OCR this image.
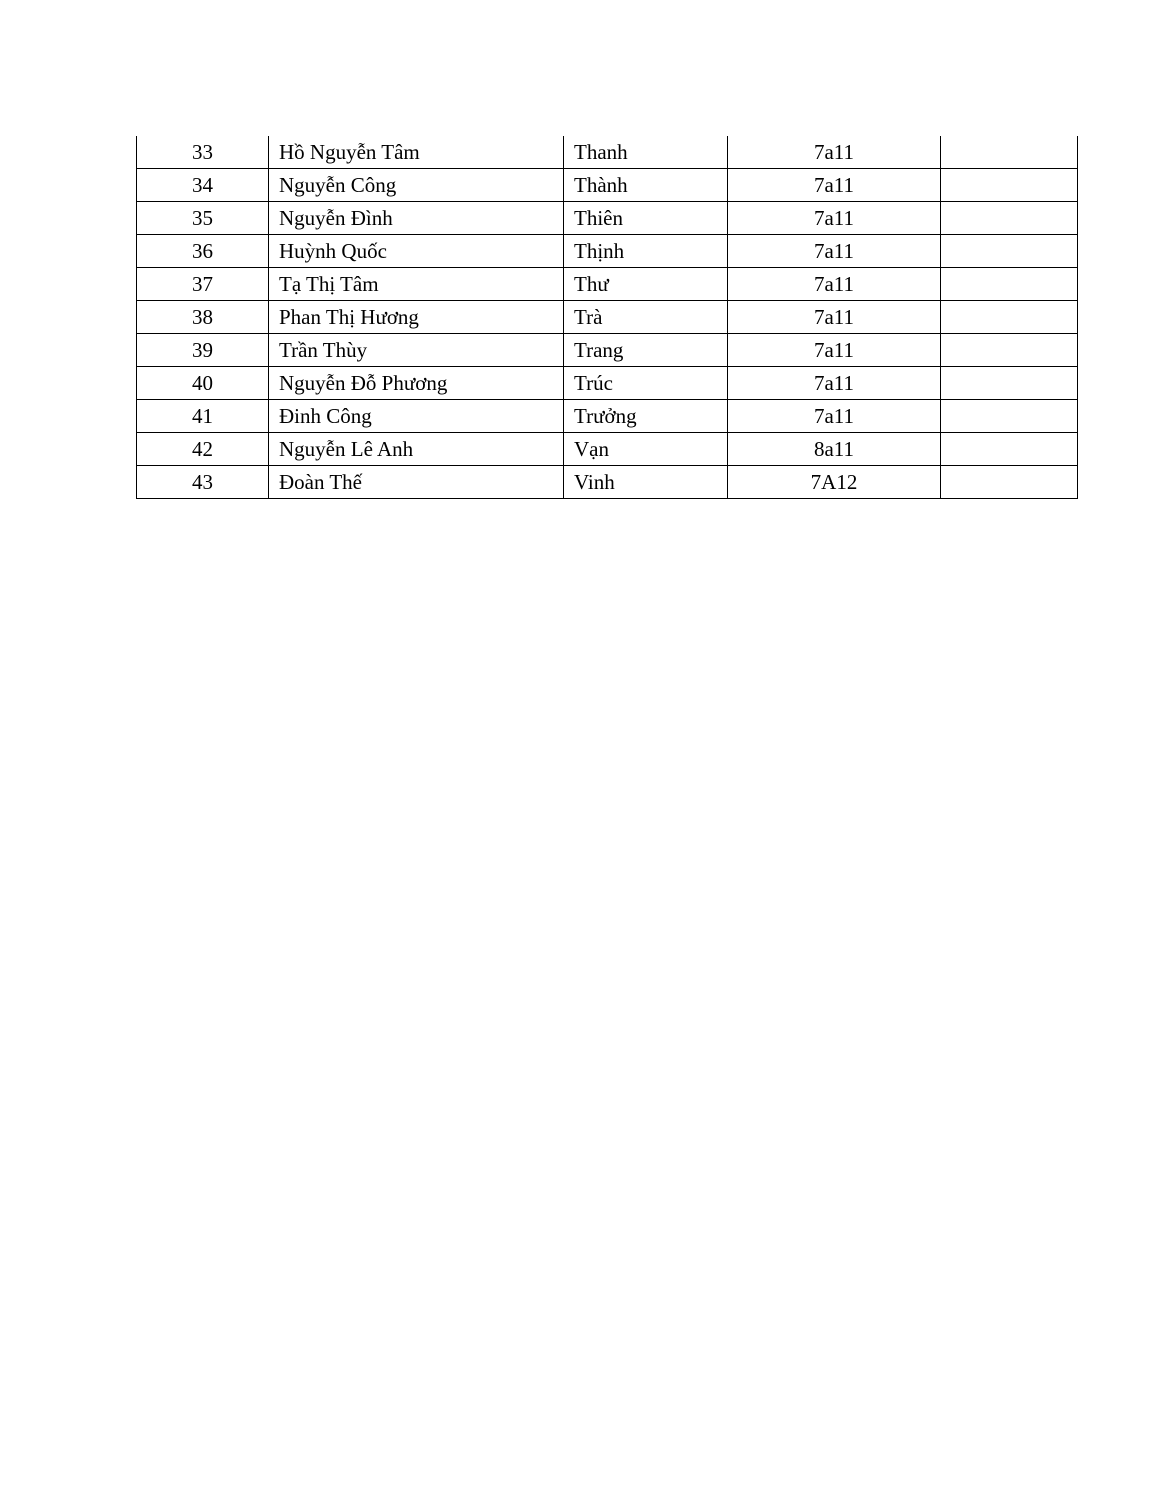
33	Hồ Nguyễn Tâm	Thanh	7a11	
34	Nguyễn Công	Thành	7a11	
35	Nguyễn Đình	Thiên	7a11	
36	Huỳnh Quốc	Thịnh	7a11	
37	Tạ Thị Tâm	Thư	7a11	
38	Phan Thị Hương	Trà	7a11	
39	Trần Thùy	Trang	7a11	
40	Nguyễn Đỗ Phương	Trúc	7a11	
41	Đinh Công	Trưởng	7a11	
42	Nguyễn Lê Anh	Vạn	8a11	
43	Đoàn Thế	Vinh	7A12	
